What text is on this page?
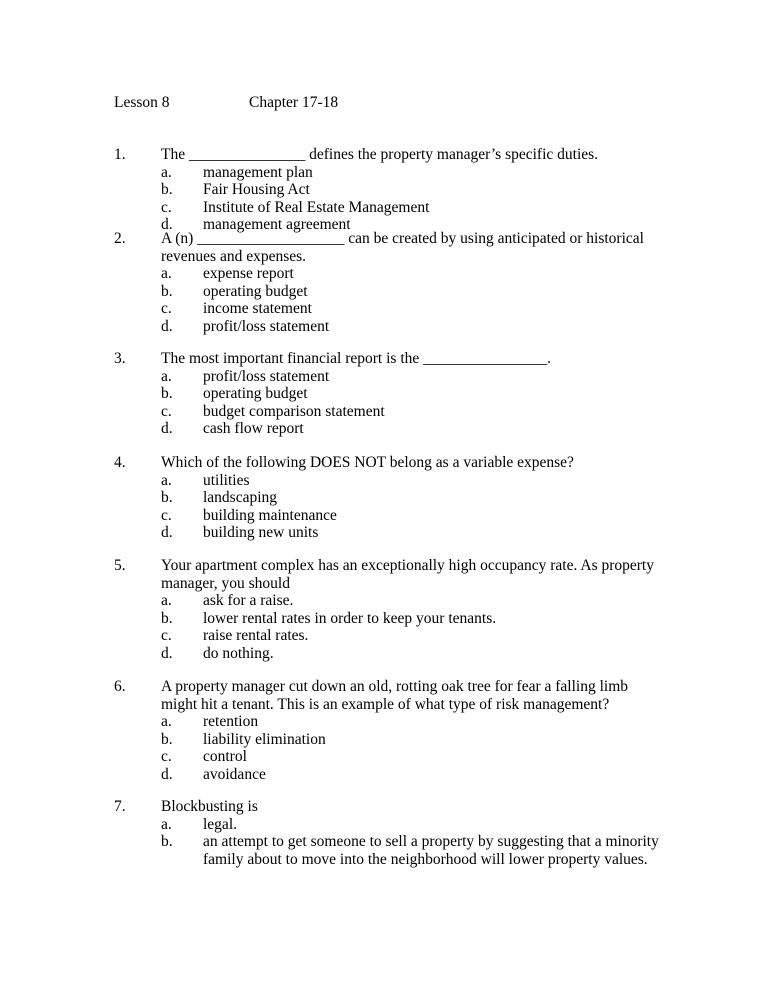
Lesson 8	Chapter 17-18
1. The _______________ defines the property manager’s specific duties.
a. management plan
b. Fair Housing Act
c. Institute of Real Estate Management
d. management agreement
2. A (n) ___________________ can be created by using anticipated or historical revenues and expenses.
a. expense report
b. operating budget
c. income statement
d. profit/loss statement
3. The most important financial report is the ________________.
a. profit/loss statement
b. operating budget
c. budget comparison statement
d. cash flow report
4. Which of the following DOES NOT belong as a variable expense?
a. utilities
b. landscaping
c. building maintenance
d. building new units
5. Your apartment complex has an exceptionally high occupancy rate. As property manager, you should
a. ask for a raise.
b. lower rental rates in order to keep your tenants.
c. raise rental rates.
d. do nothing.
6. A property manager cut down an old, rotting oak tree for fear a falling limb might hit a tenant. This is an example of what type of risk management?
a. retention
b. liability elimination
c. control
d. avoidance
7. Blockbusting is
a. legal.
b. an attempt to get someone to sell a property by suggesting that a minority family about to move into the neighborhood will lower property values.
